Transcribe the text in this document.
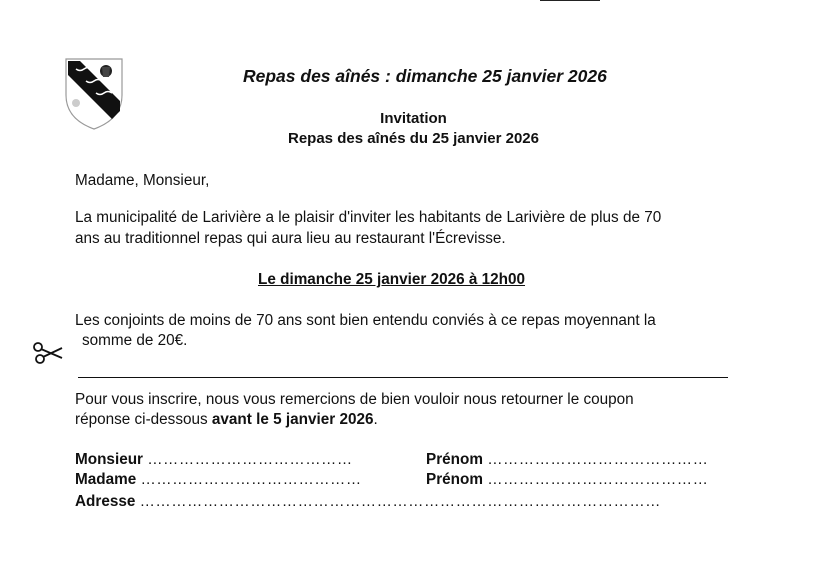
Repas des aînés : dimanche 25 janvier 2026
Invitation
Repas des aînés du 25 janvier 2026
Madame, Monsieur,
La municipalité de Larivière a le plaisir d'inviter les habitants de Larivière de plus de 70
ans au traditionnel repas qui aura lieu au restaurant l'Écrevisse.
Le dimanche 25 janvier 2026 à 12h00
Les conjoints de moins de 70 ans sont bien entendu conviés à ce repas moyennant la
somme de 20€.
Pour vous inscrire, nous vous remercions de bien vouloir nous retourner le coupon
réponse ci-dessous avant le 5 janvier 2026.
Monsieur …………………………………	Prénom ……………………………………
Madame ……………………………………	Prénom ……………………………………
Adresse ………………………………………………………………………………………
